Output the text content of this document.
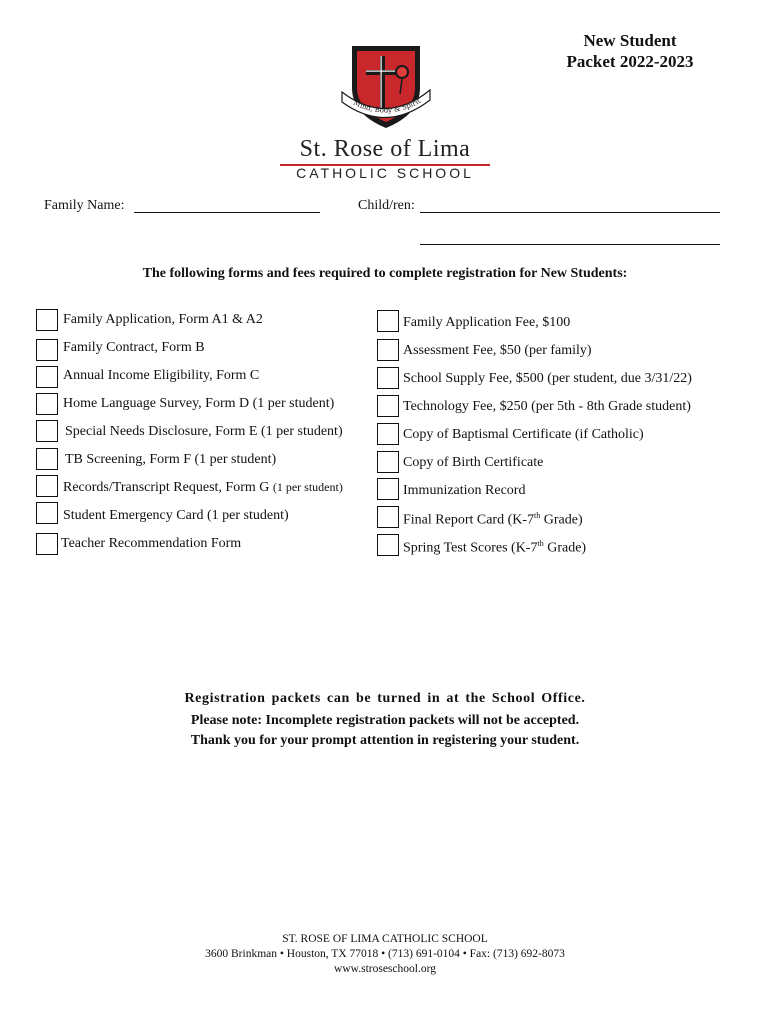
New Student
Packet 2022-2023
Mind, Body & Spirit
St. Rose of Lima
CATHOLIC SCHOOL
Family Name:	Child/ren:
The following forms and fees required to complete registration for New Students:
Family Application, Form A1 & A2
Family Contract, Form B
Annual Income Eligibility, Form C
Home Language Survey, Form D (1 per student)
Special Needs Disclosure, Form E (1 per student)
TB Screening, Form F (1 per student)
Records/Transcript Request, Form G (1 per student)
Student Emergency Card (1 per student)
Teacher Recommendation Form
Family Application Fee, $100
Assessment Fee, $50 (per family)
School Supply Fee, $500 (per student, due 3/31/22)
Technology Fee, $250 (per 5th - 8th Grade student)
Copy of Baptismal Certificate (if Catholic)
Copy of Birth Certificate
Immunization Record
Final Report Card (K-7th Grade)
Spring Test Scores (K-7th Grade)
Registration packets can be turned in at the School Office.
Please note: Incomplete registration packets will not be accepted.
Thank you for your prompt attention in registering your student.
ST. ROSE OF LIMA CATHOLIC SCHOOL
3600 Brinkman • Houston, TX 77018 • (713) 691-0104 • Fax: (713) 692-8073
www.stroseschool.org
